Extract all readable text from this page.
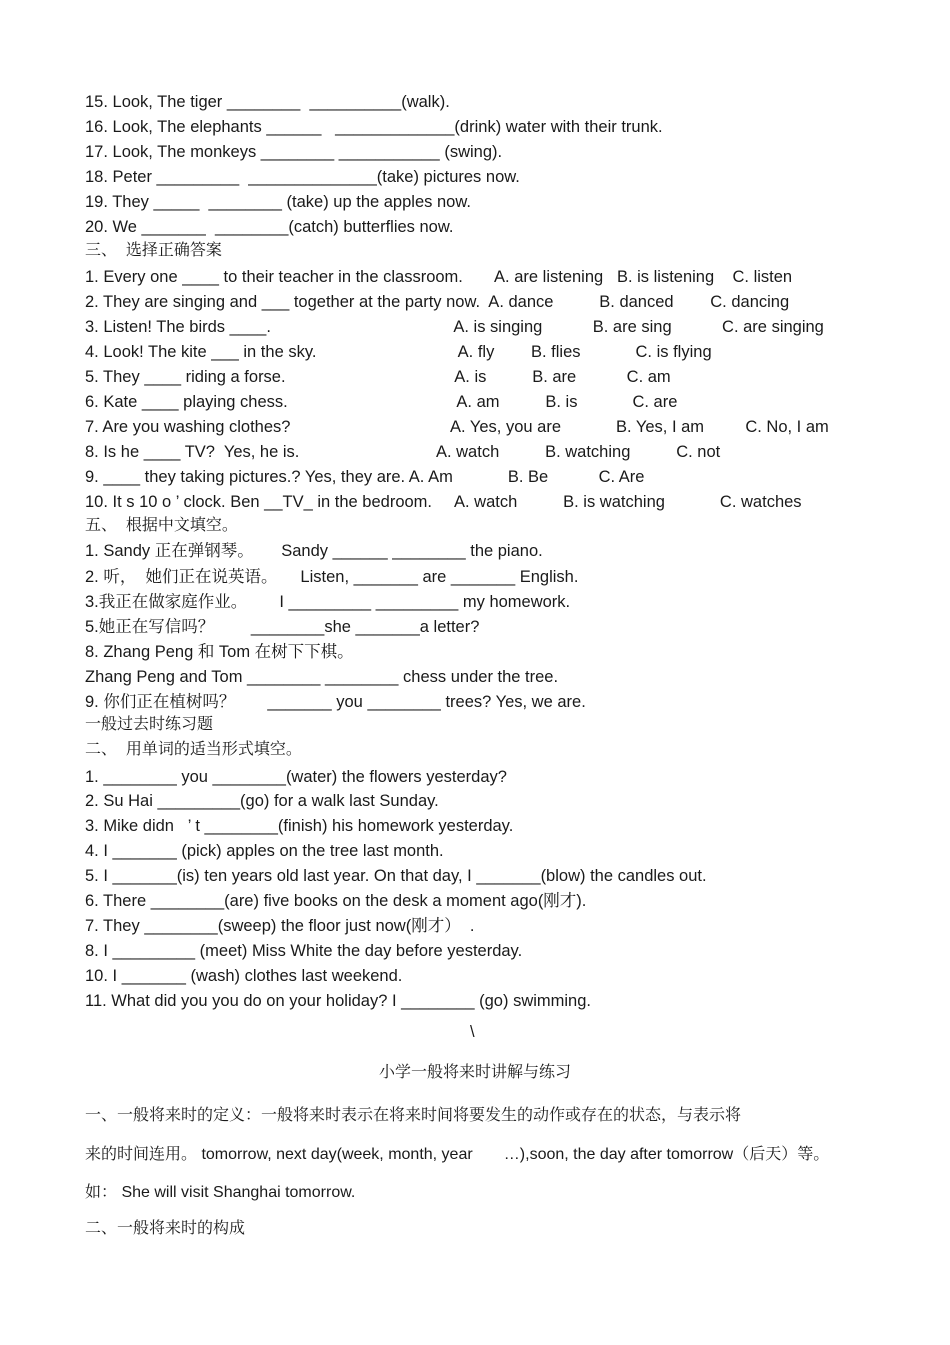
15. Look, The tiger ________  __________(walk).
16. Look, The elephants ______   _____________(drink) water with their trunk.
17. Look, The monkeys ________ ___________ (swing).
18. Peter _________  ______________(take) pictures now.
19. They _____  ________ (take) up the apples now.
20. We _______  ________(catch) butterflies now.
三、  选择正确答案
1. Every one ____ to their teacher in the classroom.       A. are listening   B. is listening    C. listen
2. They are singing and ___ together at the party now.  A. dance          B. danced        C. dancing
3. Listen! The birds ____.                                        A. is singing           B. are sing           C. are singing
4. Look! The kite ___ in the sky.                               A. fly        B. flies            C. is flying
5. They ____ riding a forse.                                     A. is          B. are           C. am
6. Kate ____ playing chess.                                     A. am          B. is            C. are
7. Are you washing clothes?                                   A. Yes, you are            B. Yes, I am         C. No, I am
8. Is he ____ TV?  Yes, he is.                              A. watch          B. watching          C. not
9. ____ they taking pictures.? Yes, they are. A. Am            B. Be           C. Are
10. It s 10 o ’ clock. Ben __TV_ in the bedroom.     A. watch          B. is watching            C. watches
五、  根据中文填空。
1. Sandy 正在弹钢琴。      Sandy ______ ________ the piano.
2. 听，  她们正在说英语。     Listen, _______ are _______ English.
3.我正在做家庭作业。       I _________ _________ my homework.
5.她正在写信吗？        ________she _______a letter?
8. Zhang Peng 和 Tom 在树下下棋。
Zhang Peng and Tom ________ ________ chess under the tree.
9. 你们正在植树吗？       _______ you ________ trees? Yes, we are.
一般过去时练习题
二、  用单词的适当形式填空。
1. ________ you ________(water) the flowers yesterday?
2. Su Hai _________(go) for a walk last Sunday.
3. Mike didn   ’ t ________(finish) his homework yesterday.
4. I _______ (pick) apples on the tree last month.
5. I _______(is) ten years old last year. On that day, I _______(blow) the candles out.
6. There ________(are) five books on the desk a moment ago(刚才).
7. They ________(sweep) the floor just now(刚才）  .
8. I _________ (meet) Miss White the day before yesterday.
10. I _______ (wash) clothes last weekend.
11. What did you you do on your holiday? I ________ (go) swimming.
\
小学一般将来时讲解与练习
一、一般将来时的定义：一般将来时表示在将来时间将要发生的动作或存在的状态，与表示将
来的时间连用。 tomorrow, next day(week, month, year       …),soon, the day after tomorrow（后天）等。
如： She will visit Shanghai tomorrow.
二、一般将来时的构成
